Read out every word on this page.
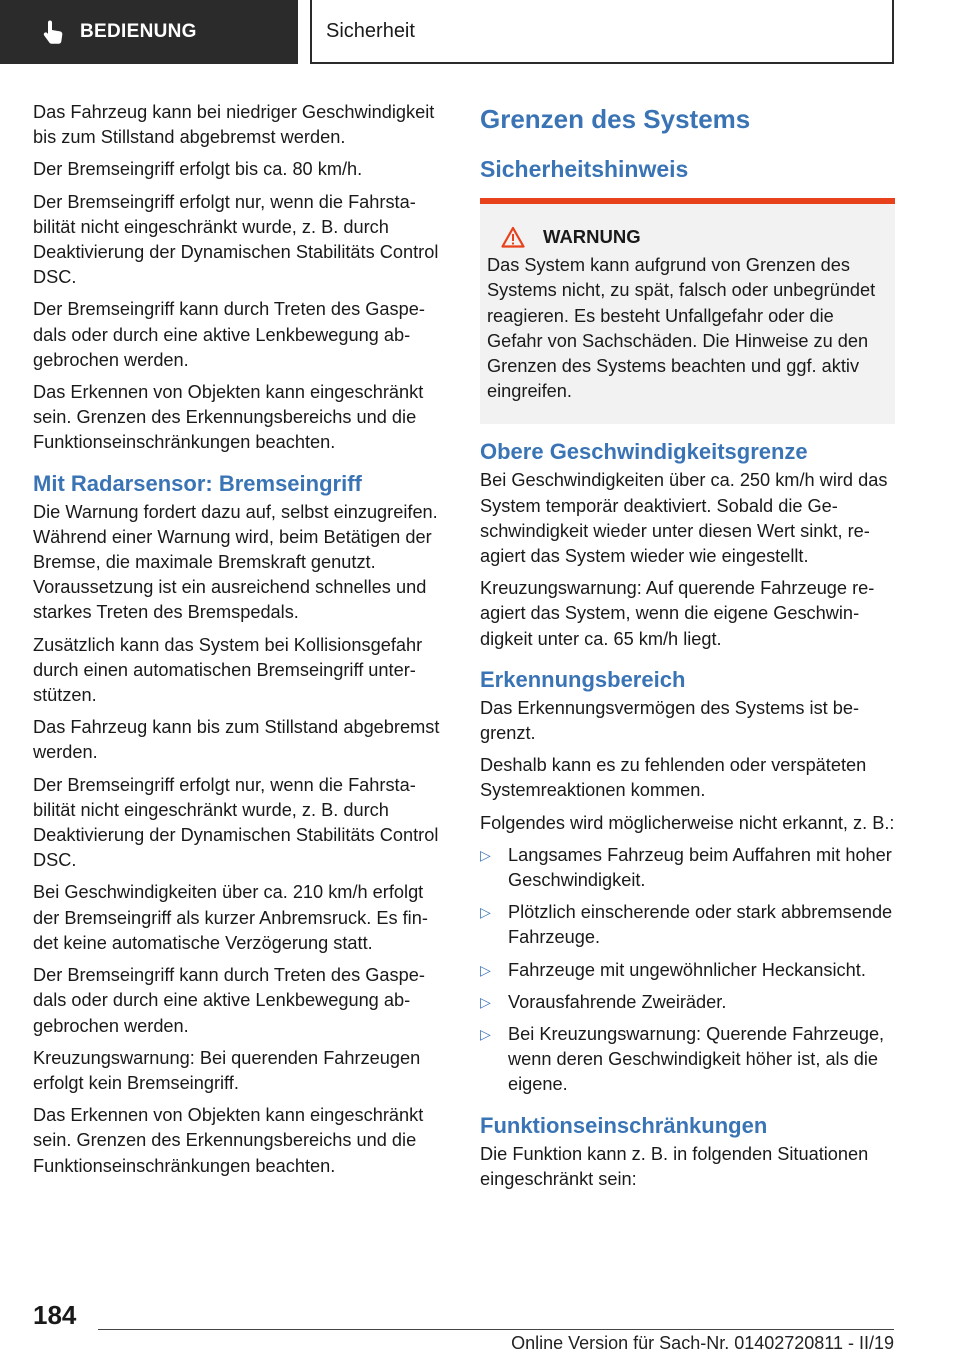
BEDIENUNG	Sicherheit

Das Fahrzeug kann bei niedriger Geschwindigkeit bis zum Stillstand abgebremst werden.

Der Bremseingriff erfolgt bis ca. 80 km/h.

Der Bremseingriff erfolgt nur, wenn die Fahrstabilität nicht eingeschränkt wurde, z. B. durch Deaktivierung der Dynamischen Stabilitäts Control DSC.

Der Bremseingriff kann durch Treten des Gaspedals oder durch eine aktive Lenkbewegung abgebrochen werden.

Das Erkennen von Objekten kann eingeschränkt sein. Grenzen des Erkennungsbereichs und die Funktionseinschränkungen beachten.

Mit Radarsensor: Bremseingriff

Die Warnung fordert dazu auf, selbst einzugreifen. Während einer Warnung wird, beim Betätigen der Bremse, die maximale Bremskraft genutzt. Voraussetzung ist ein ausreichend schnelles und starkes Treten des Bremspedals.

Zusätzlich kann das System bei Kollisionsgefahr durch einen automatischen Bremseingriff unterstützen.

Das Fahrzeug kann bis zum Stillstand abgebremst werden.

Der Bremseingriff erfolgt nur, wenn die Fahrstabilität nicht eingeschränkt wurde, z. B. durch Deaktivierung der Dynamischen Stabilitäts Control DSC.

Bei Geschwindigkeiten über ca. 210 km/h erfolgt der Bremseingriff als kurzer Anbremsruck. Es findet keine automatische Verzögerung statt.

Der Bremseingriff kann durch Treten des Gaspedals oder durch eine aktive Lenkbewegung abgebrochen werden.

Kreuzungswarnung: Bei querenden Fahrzeugen erfolgt kein Bremseingriff.

Das Erkennen von Objekten kann eingeschränkt sein. Grenzen des Erkennungsbereichs und die Funktionseinschränkungen beachten.

Grenzen des Systems
Sicherheitshinweis
WARNUNG

Das System kann aufgrund von Grenzen des Systems nicht, zu spät, falsch oder unbegründet reagieren. Es besteht Unfallgefahr oder die Gefahr von Sachschäden. Die Hinweise zu den Grenzen des Systems beachten und ggf. aktiv eingreifen.

Obere Geschwindigkeitsgrenze

Bei Geschwindigkeiten über ca. 250 km/h wird das System temporär deaktiviert. Sobald die Geschwindigkeit wieder unter diesen Wert sinkt, reagiert das System wieder wie eingestellt.

Kreuzungswarnung: Auf querende Fahrzeuge reagiert das System, wenn die eigene Geschwindigkeit unter ca. 65 km/h liegt.

Erkennungsbereich

Das Erkennungsvermögen des Systems ist begrenzt.

Deshalb kann es zu fehlenden oder verspäteten Systemreaktionen kommen.

Folgendes wird möglicherweise nicht erkannt, z. B.:

▷ Langsames Fahrzeug beim Auffahren mit hoher Geschwindigkeit.
▷ Plötzlich einscherende oder stark abbremsende Fahrzeuge.
▷ Fahrzeuge mit ungewöhnlicher Heckansicht.
▷ Vorausfahrende Zweiräder.
▷ Bei Kreuzungswarnung: Querende Fahrzeuge, wenn deren Geschwindigkeit höher ist, als die eigene.
Funktionseinschränkungen

Die Funktion kann z. B. in folgenden Situationen eingeschränkt sein:

184
Online Version für Sach-Nr. 01402720811 - II/19
